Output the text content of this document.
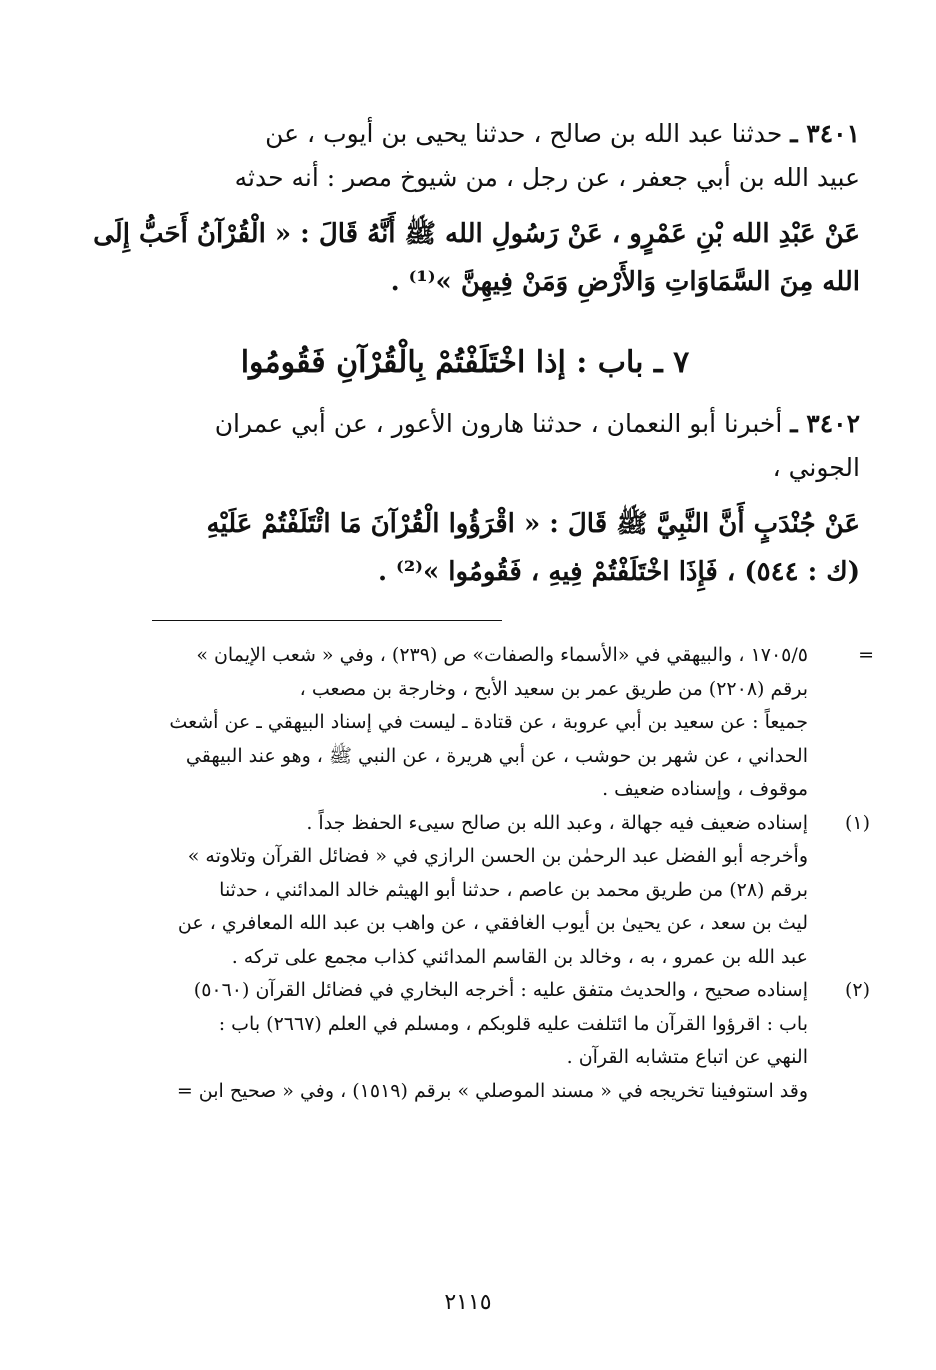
٣٤٠١ ـ حدثنا عبد الله بن صالح ، حدثنا يحيى بن أيوب ، عن
عبيد الله بن أبي جعفر ، عن رجل ، من شيوخ مصر : أنه حدثه
عَنْ عَبْدِ الله بْنِ عَمْرٍو ، عَنْ رَسُولِ الله ﷺ أَنَّهُ قَالَ : « الْقُرْآنُ أَحَبُّ إِلَى
الله مِنَ السَّمَاوَاتِ وَالأَرْضِ وَمَنْ فِيهِنَّ »⁽¹⁾ .
٧ ـ باب : إذا اخْتَلَفْتُمْ بِالْقُرْآنِ فَقُومُوا
٣٤٠٢ ـ أخبرنا أبو النعمان ، حدثنا هارون الأعور ، عن أبي عمران
الجوني ،
عَنْ جُنْدَبٍ أَنَّ النَّبِيَّ ﷺ قَالَ : « اقْرَؤُوا الْقُرْآنَ مَا ائْتَلَفْتُمْ عَلَيْهِ
(ك : ٥٤٤) ، فَإِذَا اخْتَلَفْتُمْ فِيهِ ، فَقُومُوا »⁽²⁾ .
=
١٧٠٥/٥ ، والبيهقي في «الأسماء والصفات» ص (٢٣٩) ، وفي « شعب الإيمان »
برقم (٢٢٠٨) من طريق عمر بن سعيد الأبح ، وخارجة بن مصعب ،
جميعاً : عن سعيد بن أبي عروبة ، عن قتادة ـ ليست في إسناد البيهقي ـ عن أشعث
الحداني ، عن شهر بن حوشب ، عن أبي هريرة ، عن النبي ﷺ ، وهو عند البيهقي
موقوف ، وإسناده ضعيف .
(١)
إسناده ضعيف فيه جهالة ، وعبد الله بن صالح سيىء الحفظ جداً .
وأخرجه أبو الفضل عبد الرحمٰن بن الحسن الرازي في « فضائل القرآن وتلاوته »
برقم (٢٨) من طريق محمد بن عاصم ، حدثنا أبو الهيثم خالد المدائني ، حدثنا
ليث بن سعد ، عن يحيىٰ بن أيوب الغافقي ، عن واهب بن عبد الله المعافري ، عن
عبد الله بن عمرو ، به ، وخالد بن القاسم المدائني كذاب مجمع على تركه .
(٢)
إسناده صحيح ، والحديث متفق عليه : أخرجه البخاري في فضائل القرآن (٥٠٦٠)
باب : اقرؤوا القرآن ما ائتلفت عليه قلوبكم ، ومسلم في العلم (٢٦٦٧) باب :
النهي عن اتباع متشابه القرآن .
وقد استوفينا تخريجه في « مسند الموصلي » برقم (١٥١٩) ، وفي « صحيح ابن =
٢١١٥
